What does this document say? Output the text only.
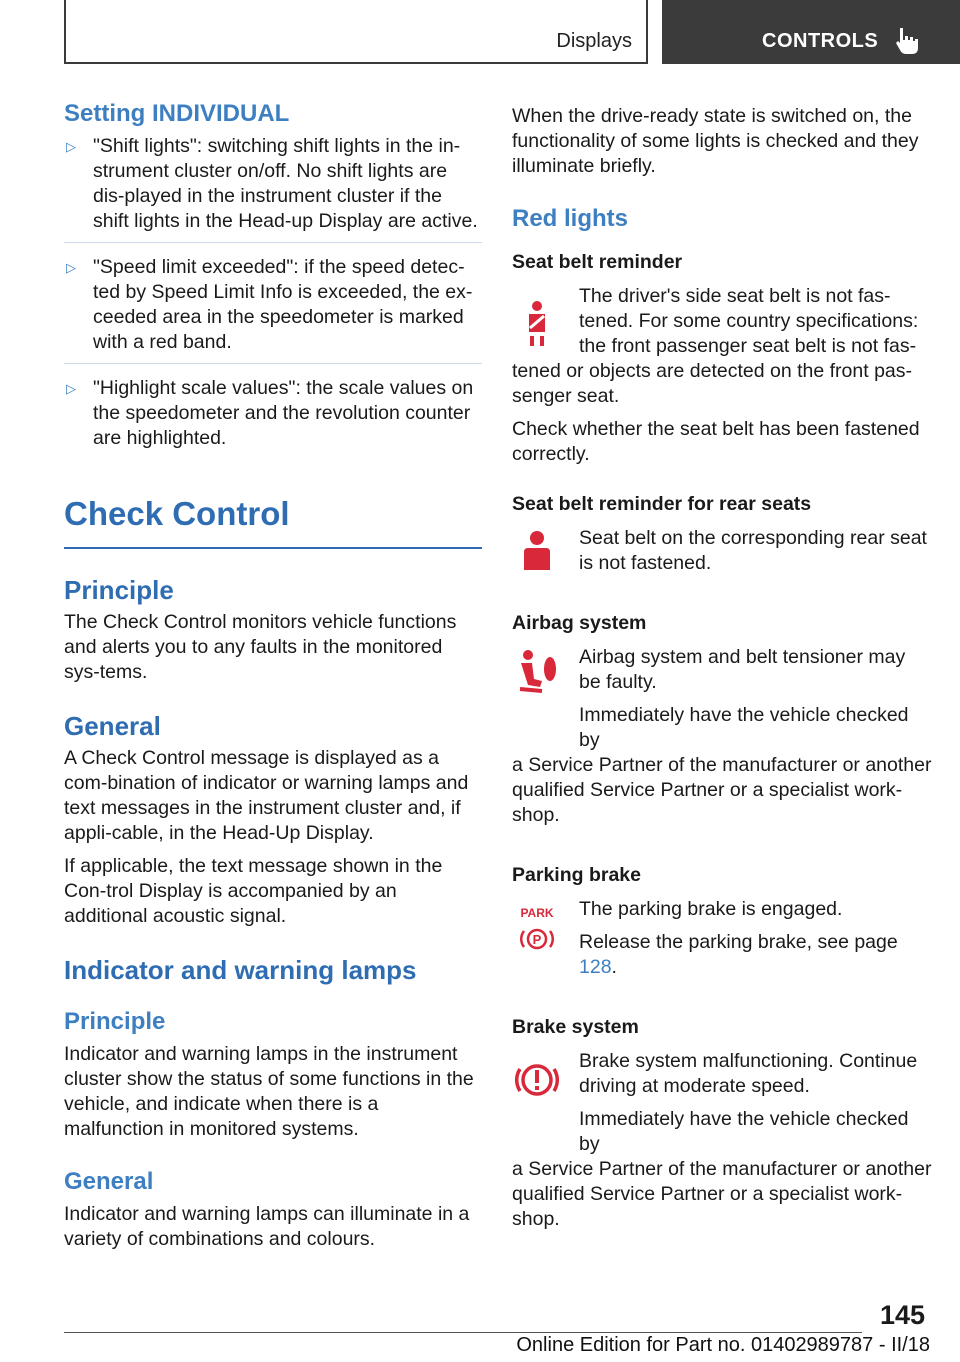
Displays	CONTROLS
Setting INDIVIDUAL
▷ "Shift lights": switching shift lights in the in-strument cluster on/off. No shift lights are dis-played in the instrument cluster if the shift lights in the Head-up Display are active.
▷ "Speed limit exceeded": if the speed detec-ted by Speed Limit Info is exceeded, the ex-ceeded area in the speedometer is marked with a red band.
▷ "Highlight scale values": the scale values on the speedometer and the revolution counter are highlighted.
Check Control
Principle

The Check Control monitors vehicle functions and alerts you to any faults in the monitored sys-tems.

General

A Check Control message is displayed as a com-bination of indicator or warning lamps and text messages in the instrument cluster and, if appli-cable, in the Head-Up Display.

If applicable, the text message shown in the Con-trol Display is accompanied by an additional acoustic signal.

Indicator and warning lamps
Principle

Indicator and warning lamps in the instrument cluster show the status of some functions in the vehicle, and indicate when there is a malfunction in monitored systems.

General

Indicator and warning lamps can illuminate in a variety of combinations and colours.

When the drive-ready state is switched on, the functionality of some lights is checked and they illuminate briefly.

Red lights
Seat belt reminder

The driver's side seat belt is not fas-tened. For some country specifications: the front passenger seat belt is not fas-

tened or objects are detected on the front pas-senger seat.

Check whether the seat belt has been fastened correctly.

Seat belt reminder for rear seats

Seat belt on the corresponding rear seat is not fastened.

Airbag system

Airbag system and belt tensioner may be faulty.

Immediately have the vehicle checked by

a Service Partner of the manufacturer or another qualified Service Partner or a specialist work-shop.

Parking brake
PARK
P

The parking brake is engaged.

Release the parking brake, see page 128.

Brake system

Brake system malfunctioning. Continue driving at moderate speed.

Immediately have the vehicle checked by

a Service Partner of the manufacturer or another qualified Service Partner or a specialist work-shop.

145
Online Edition for Part no. 01402989787 - II/18
